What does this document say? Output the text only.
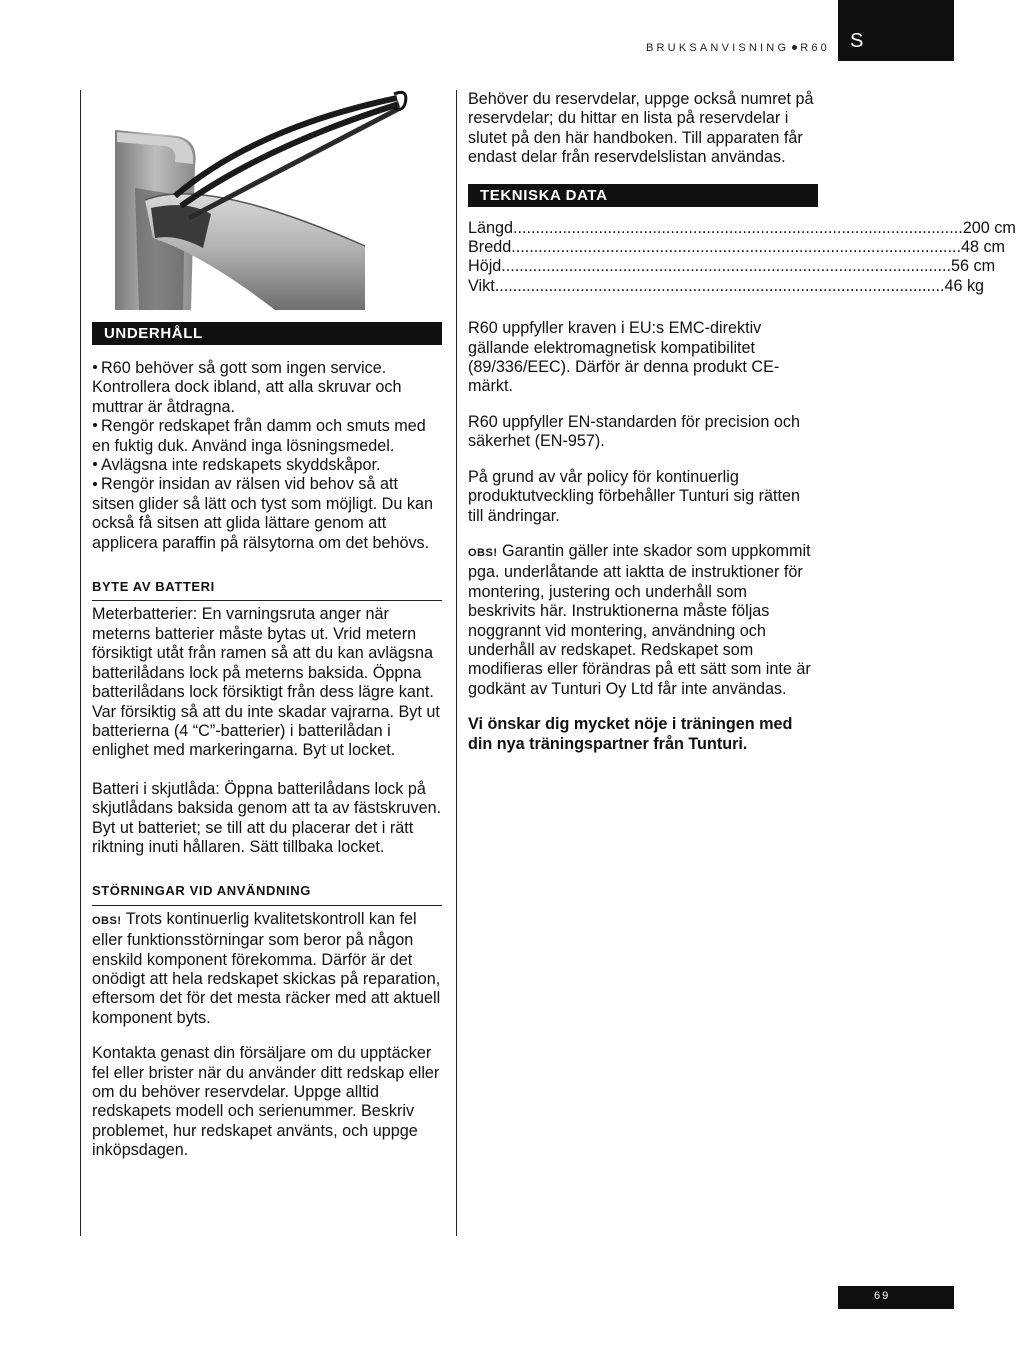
BRUKSANVISNING R60 S
UNDERHÅLL

R60 behöver så gott som ingen service. Kontrollera dock ibland, att alla skruvar och muttrar är åtdragna.

Rengör redskapet från damm och smuts med en fuktig duk. Använd inga lösningsmedel.

Avlägsna inte redskapets skyddskåpor.

Rengör insidan av rälsen vid behov så att sitsen glider så lätt och tyst som möjligt. Du kan också få sitsen att glida lättare genom att applicera paraffin på rälsytorna om det behövs.

BYTE AV BATTERI

Meterbatterier: En varningsruta anger när meterns batterier måste bytas ut. Vrid metern försiktigt utåt från ramen så att du kan avlägsna batterilådans lock på meterns baksida. Öppna batterilådans lock försiktigt från dess lägre kant. Var försiktig så att du inte skadar vajrarna. Byt ut batterierna (4 “C”-batterier) i batterilådan i enlighet med markeringarna. Byt ut locket.

Batteri i skjutlåda: Öppna batterilådans lock på skjutlådans baksida genom att ta av fästskruven. Byt ut batteriet; se till att du placerar det i rätt riktning inuti hållaren. Sätt tillbaka locket.

STÖRNINGAR VID ANVÄNDNING

OBS! Trots kontinuerlig kvalitetskontroll kan fel eller funktionsstörningar som beror på någon enskild komponent förekomma. Därför är det onödigt att hela redskapet skickas på reparation, eftersom det för det mesta räcker med att aktuell komponent byts.

Kontakta genast din försäljare om du upptäcker fel eller brister när du använder ditt redskap eller om du behöver reservdelar. Uppge alltid redskapets modell och serienummer. Beskriv problemet, hur redskapet använts, och uppge inköpsdagen.

Behöver du reservdelar, uppge också numret på reservdelar; du hittar en lista på reservdelar i slutet på den här handboken. Till apparaten får endast delar från reservdelslistan användas.

TEKNISKA DATA
Längd .................................................................................................... 200 cm
Bredd .................................................................................................... 48 cm
Höjd .................................................................................................... 56 cm
Vikt .................................................................................................... 46 kg

R60 uppfyller kraven i EU:s EMC-direktiv gällande elektromagnetisk kompatibilitet (89/336/EEC). Därför är denna produkt CE-märkt.

R60 uppfyller EN-standarden för precision och säkerhet (EN-957).

På grund av vår policy för kontinuerlig produktutveckling förbehåller Tunturi sig rätten till ändringar.

OBS! Garantin gäller inte skador som uppkommit pga. underlåtande att iaktta de instruktioner för montering, justering och underhåll som beskrivits här. Instruktionerna måste följas noggrannt vid montering, användning och underhåll av redskapet. Redskapet som modifieras eller förändras på ett sätt som inte är godkänt av Tunturi Oy Ltd får inte användas.

Vi önskar dig mycket nöje i träningen med din nya träningspartner från Tunturi.

69
